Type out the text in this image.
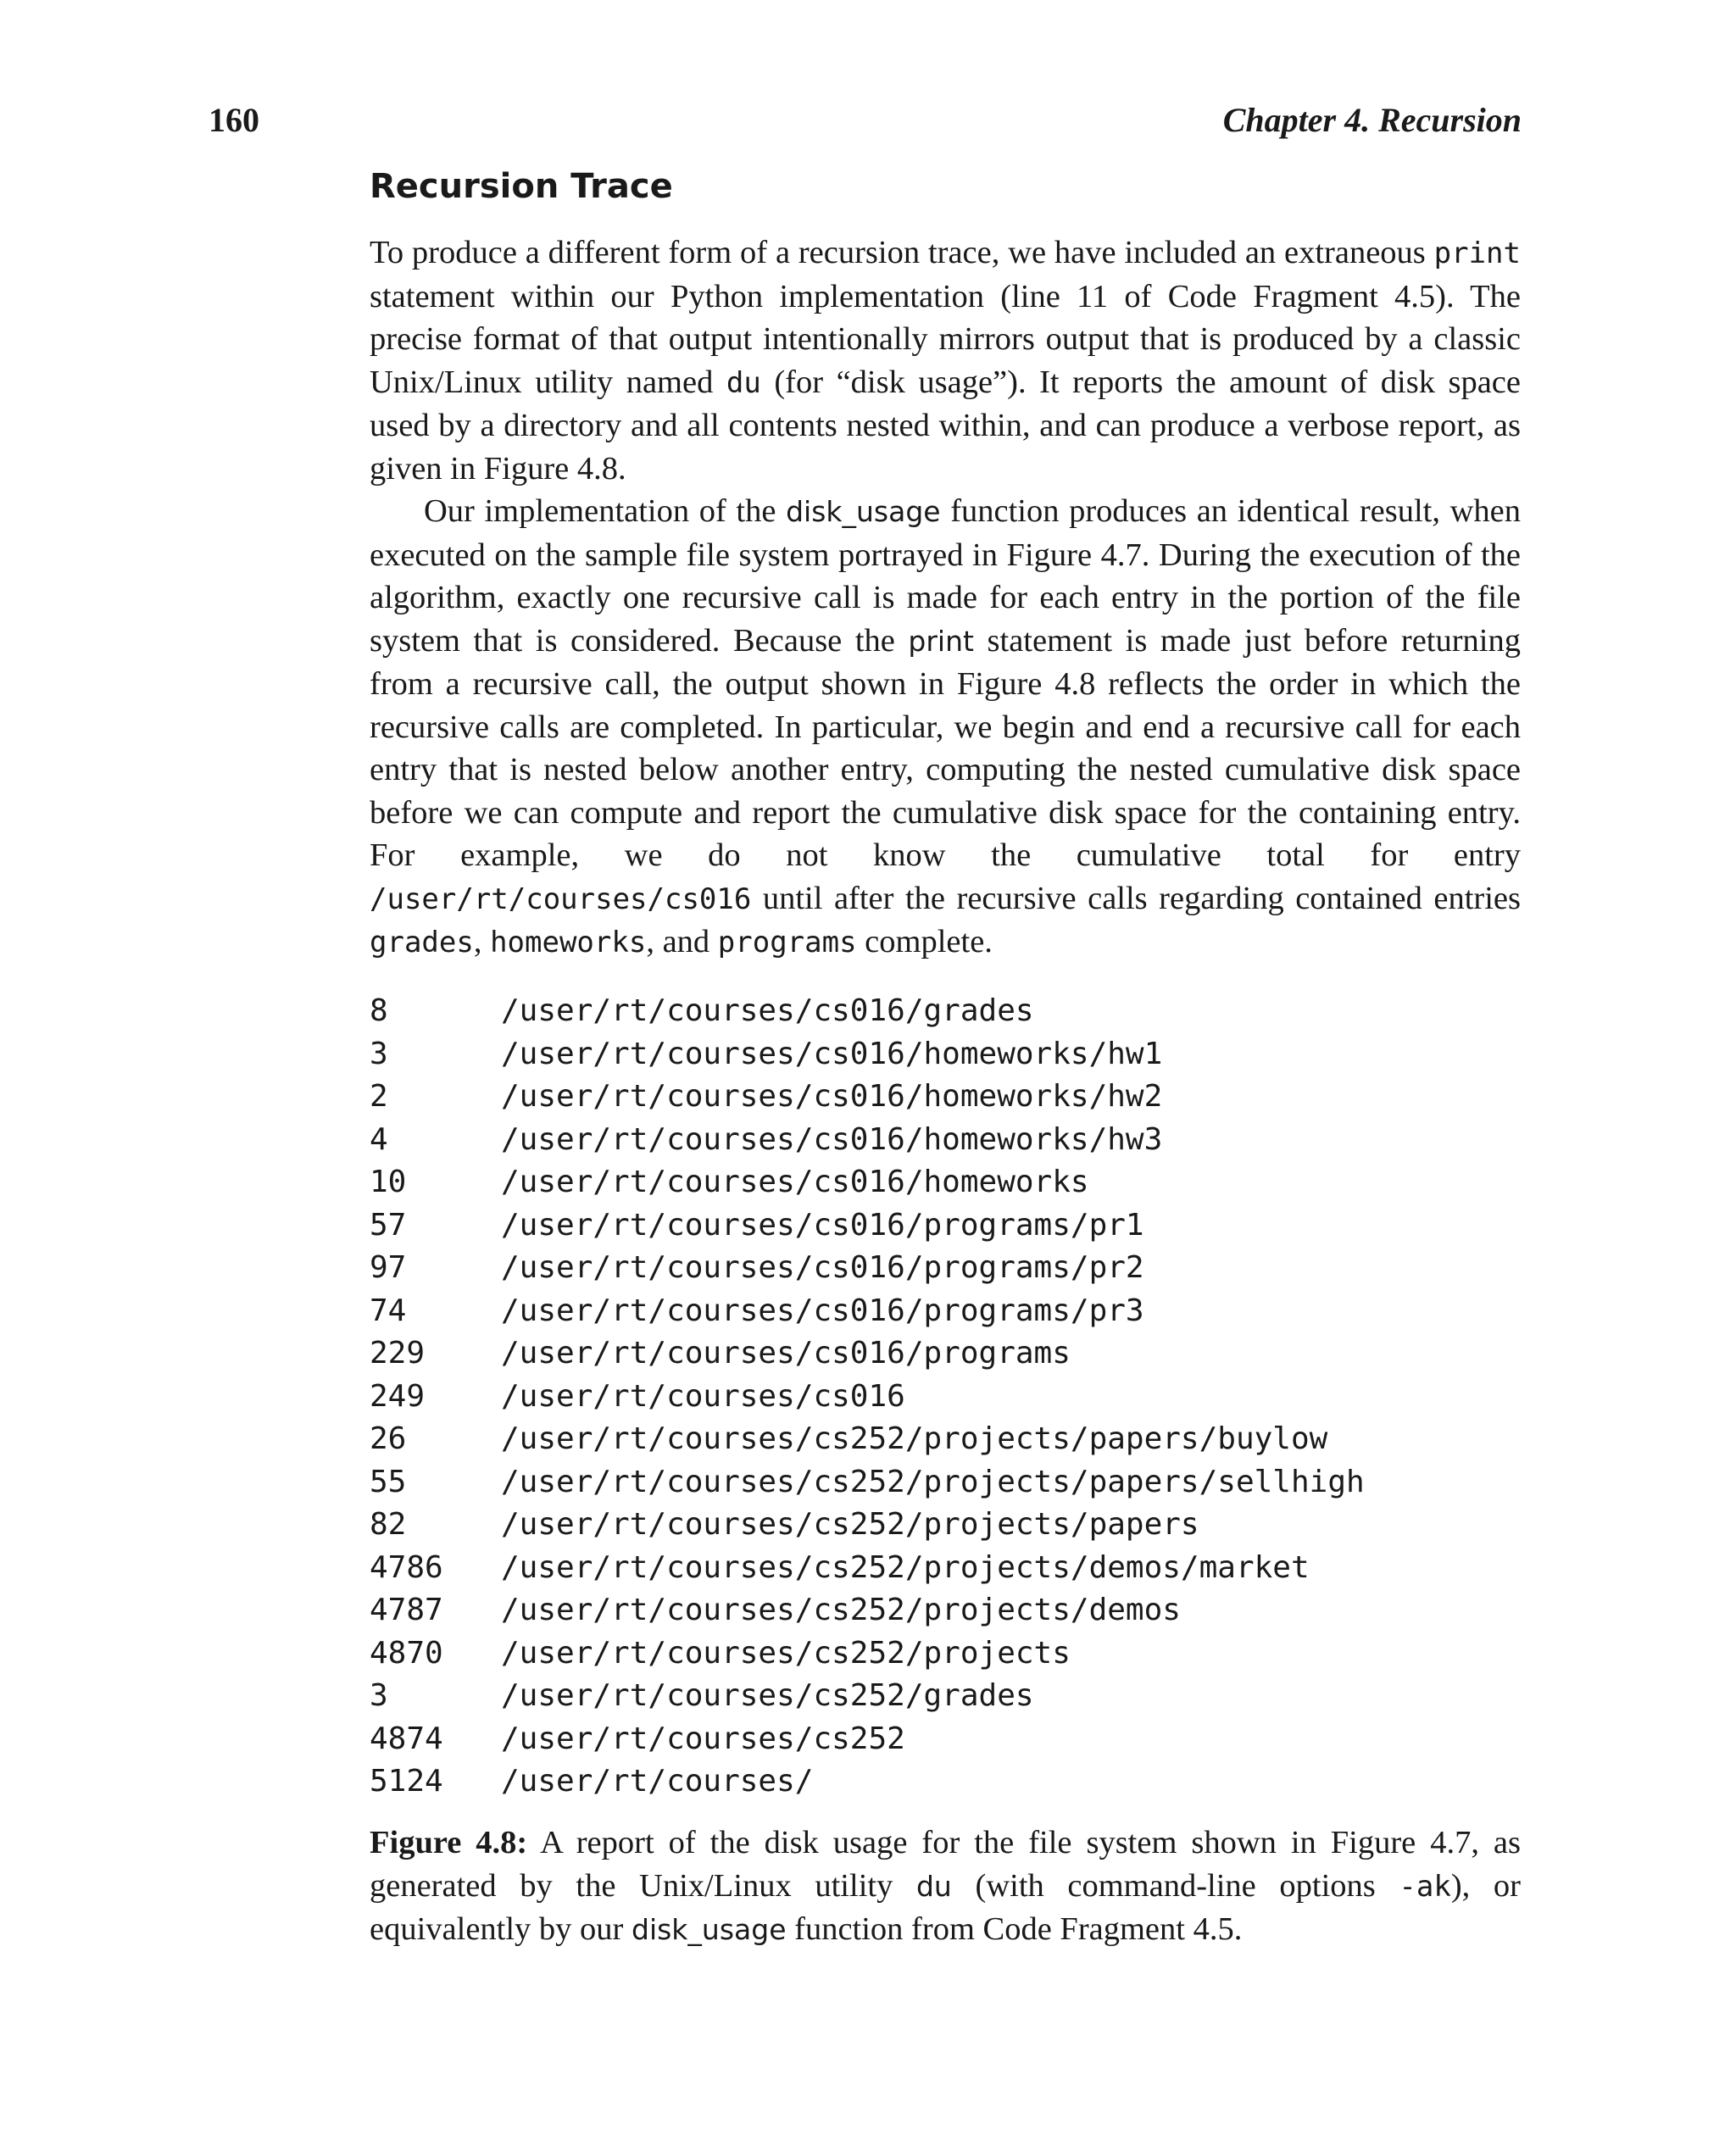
160	Chapter 4. Recursion
Recursion Trace

To produce a different form of a recursion trace, we have included an extraneous print statement within our Python implementation (line 11 of Code Fragment 4.5). The precise format of that output intentionally mirrors output that is produced by a classic Unix/Linux utility named du (for “disk usage”). It reports the amount of disk space used by a directory and all contents nested within, and can produce a verbose report, as given in Figure 4.8.

Our implementation of the disk_usage function produces an identical result, when executed on the sample file system portrayed in Figure 4.7. During the execution of the algorithm, exactly one recursive call is made for each entry in the portion of the file system that is considered. Because the print statement is made just before returning from a recursive call, the output shown in Figure 4.8 reflects the order in which the recursive calls are completed. In particular, we begin and end a recursive call for each entry that is nested below another entry, computing the nested cumulative disk space before we can compute and report the cumulative disk space for the containing entry. For example, we do not know the cumulative total for entry /user/rt/courses/cs016 until after the recursive calls regarding contained entries grades, homeworks, and programs complete.

8	/user/rt/courses/cs016/grades
3	/user/rt/courses/cs016/homeworks/hw1
2	/user/rt/courses/cs016/homeworks/hw2
4	/user/rt/courses/cs016/homeworks/hw3
10	/user/rt/courses/cs016/homeworks
57	/user/rt/courses/cs016/programs/pr1
97	/user/rt/courses/cs016/programs/pr2
74	/user/rt/courses/cs016/programs/pr3
229	/user/rt/courses/cs016/programs
249	/user/rt/courses/cs016
26	/user/rt/courses/cs252/projects/papers/buylow
55	/user/rt/courses/cs252/projects/papers/sellhigh
82	/user/rt/courses/cs252/projects/papers
4786	/user/rt/courses/cs252/projects/demos/market
4787	/user/rt/courses/cs252/projects/demos
4870	/user/rt/courses/cs252/projects
3	/user/rt/courses/cs252/grades
4874	/user/rt/courses/cs252
5124	/user/rt/courses/
Figure 4.8: A report of the disk usage for the file system shown in Figure 4.7, as generated by the Unix/Linux utility du (with command-line options -ak), or equivalently by our disk_usage function from Code Fragment 4.5.
